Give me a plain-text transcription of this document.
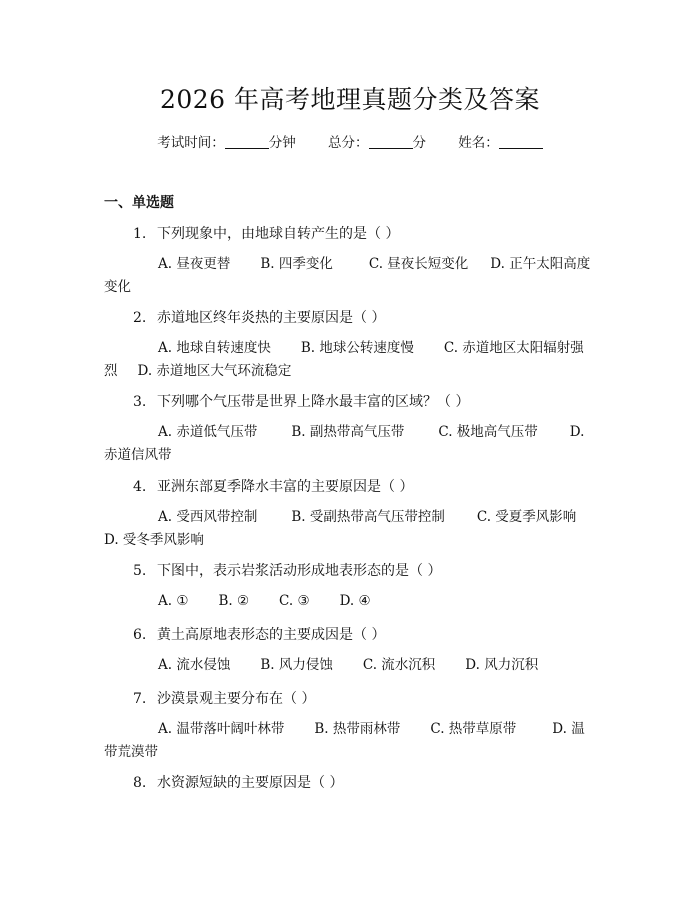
2026 年高考地理真题分类及答案
考试时间：	分钟 总分：	分 姓名：
一、单选题
1. 下列现象中，由地球自转产生的是（ ）
A. 昼夜更替 B. 四季变化	C. 昼夜长短变化 D. 正午太阳高度变化
2. 赤道地区终年炎热的主要原因是（ ）
A. 地球自转速度快 B. 地球公转速度慢 C. 赤道地区太阳辐射强烈 D. 赤道地区大气环流稳定
3. 下列哪个气压带是世界上降水最丰富的区域？（ ）
A. 赤道低气压带	B. 副热带高气压带	C. 极地高气压带 D. 赤道信风带
4. 亚洲东部夏季降水丰富的主要原因是（ ）
A. 受西风带控制	B. 受副热带高气压带控制 C. 受夏季风影响D. 受冬季风影响
5. 下图中，表示岩浆活动形成地表形态的是（ ）
A. ① B. ② C. ③ D. ④
6. 黄土高原地表形态的主要成因是（ ）
A. 流水侵蚀 B. 风力侵蚀 C. 流水沉积 D. 风力沉积
7. 沙漠景观主要分布在（ ）
A. 温带落叶阔叶林带 B. 热带雨林带 C. 热带草原带	D. 温带荒漠带
8. 水资源短缺的主要原因是（ ）
